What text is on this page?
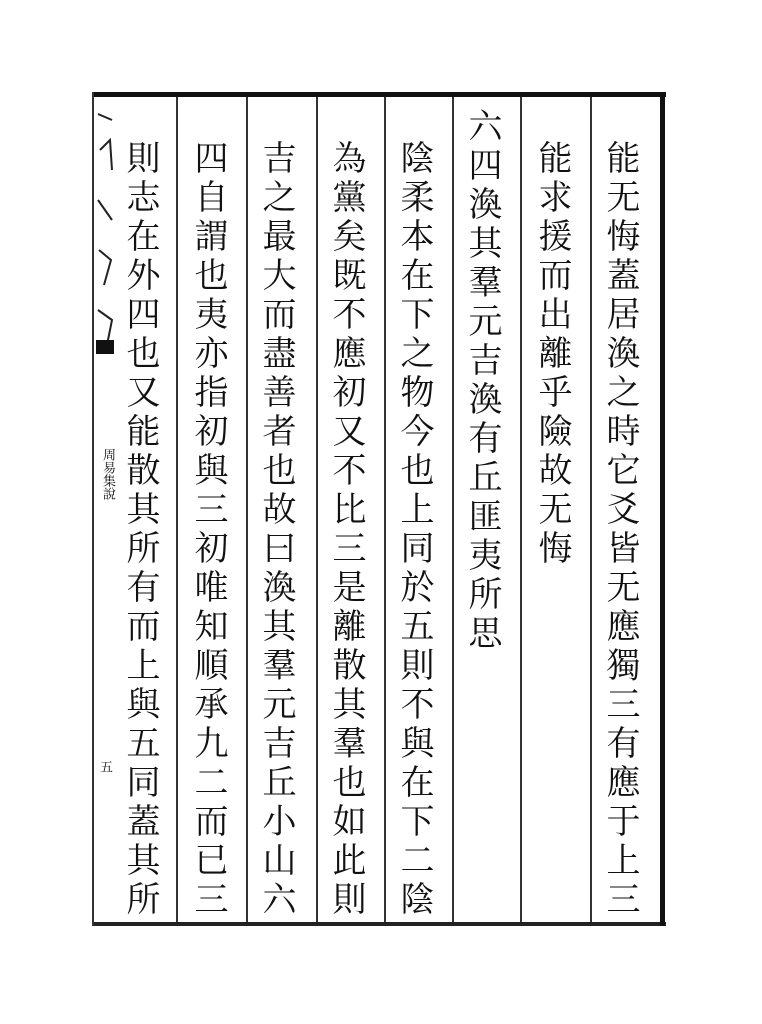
周易集說
五	能无悔蓋居渙之時它爻皆无應獨三有應于上三
能求援而出離乎險故无悔
六四渙其羣元吉渙有丘匪夷所思
陰柔本在下之物今也上同於五則不與在下二陰
為黨矣既不應初又不比三是離散其羣也如此則
吉之最大而盡善者也故曰渙其羣元吉丘小山六
四自謂也夷亦指初與三初唯知順承九二而已三
則志在外四也又能散其所有而上與五同蓋其所
